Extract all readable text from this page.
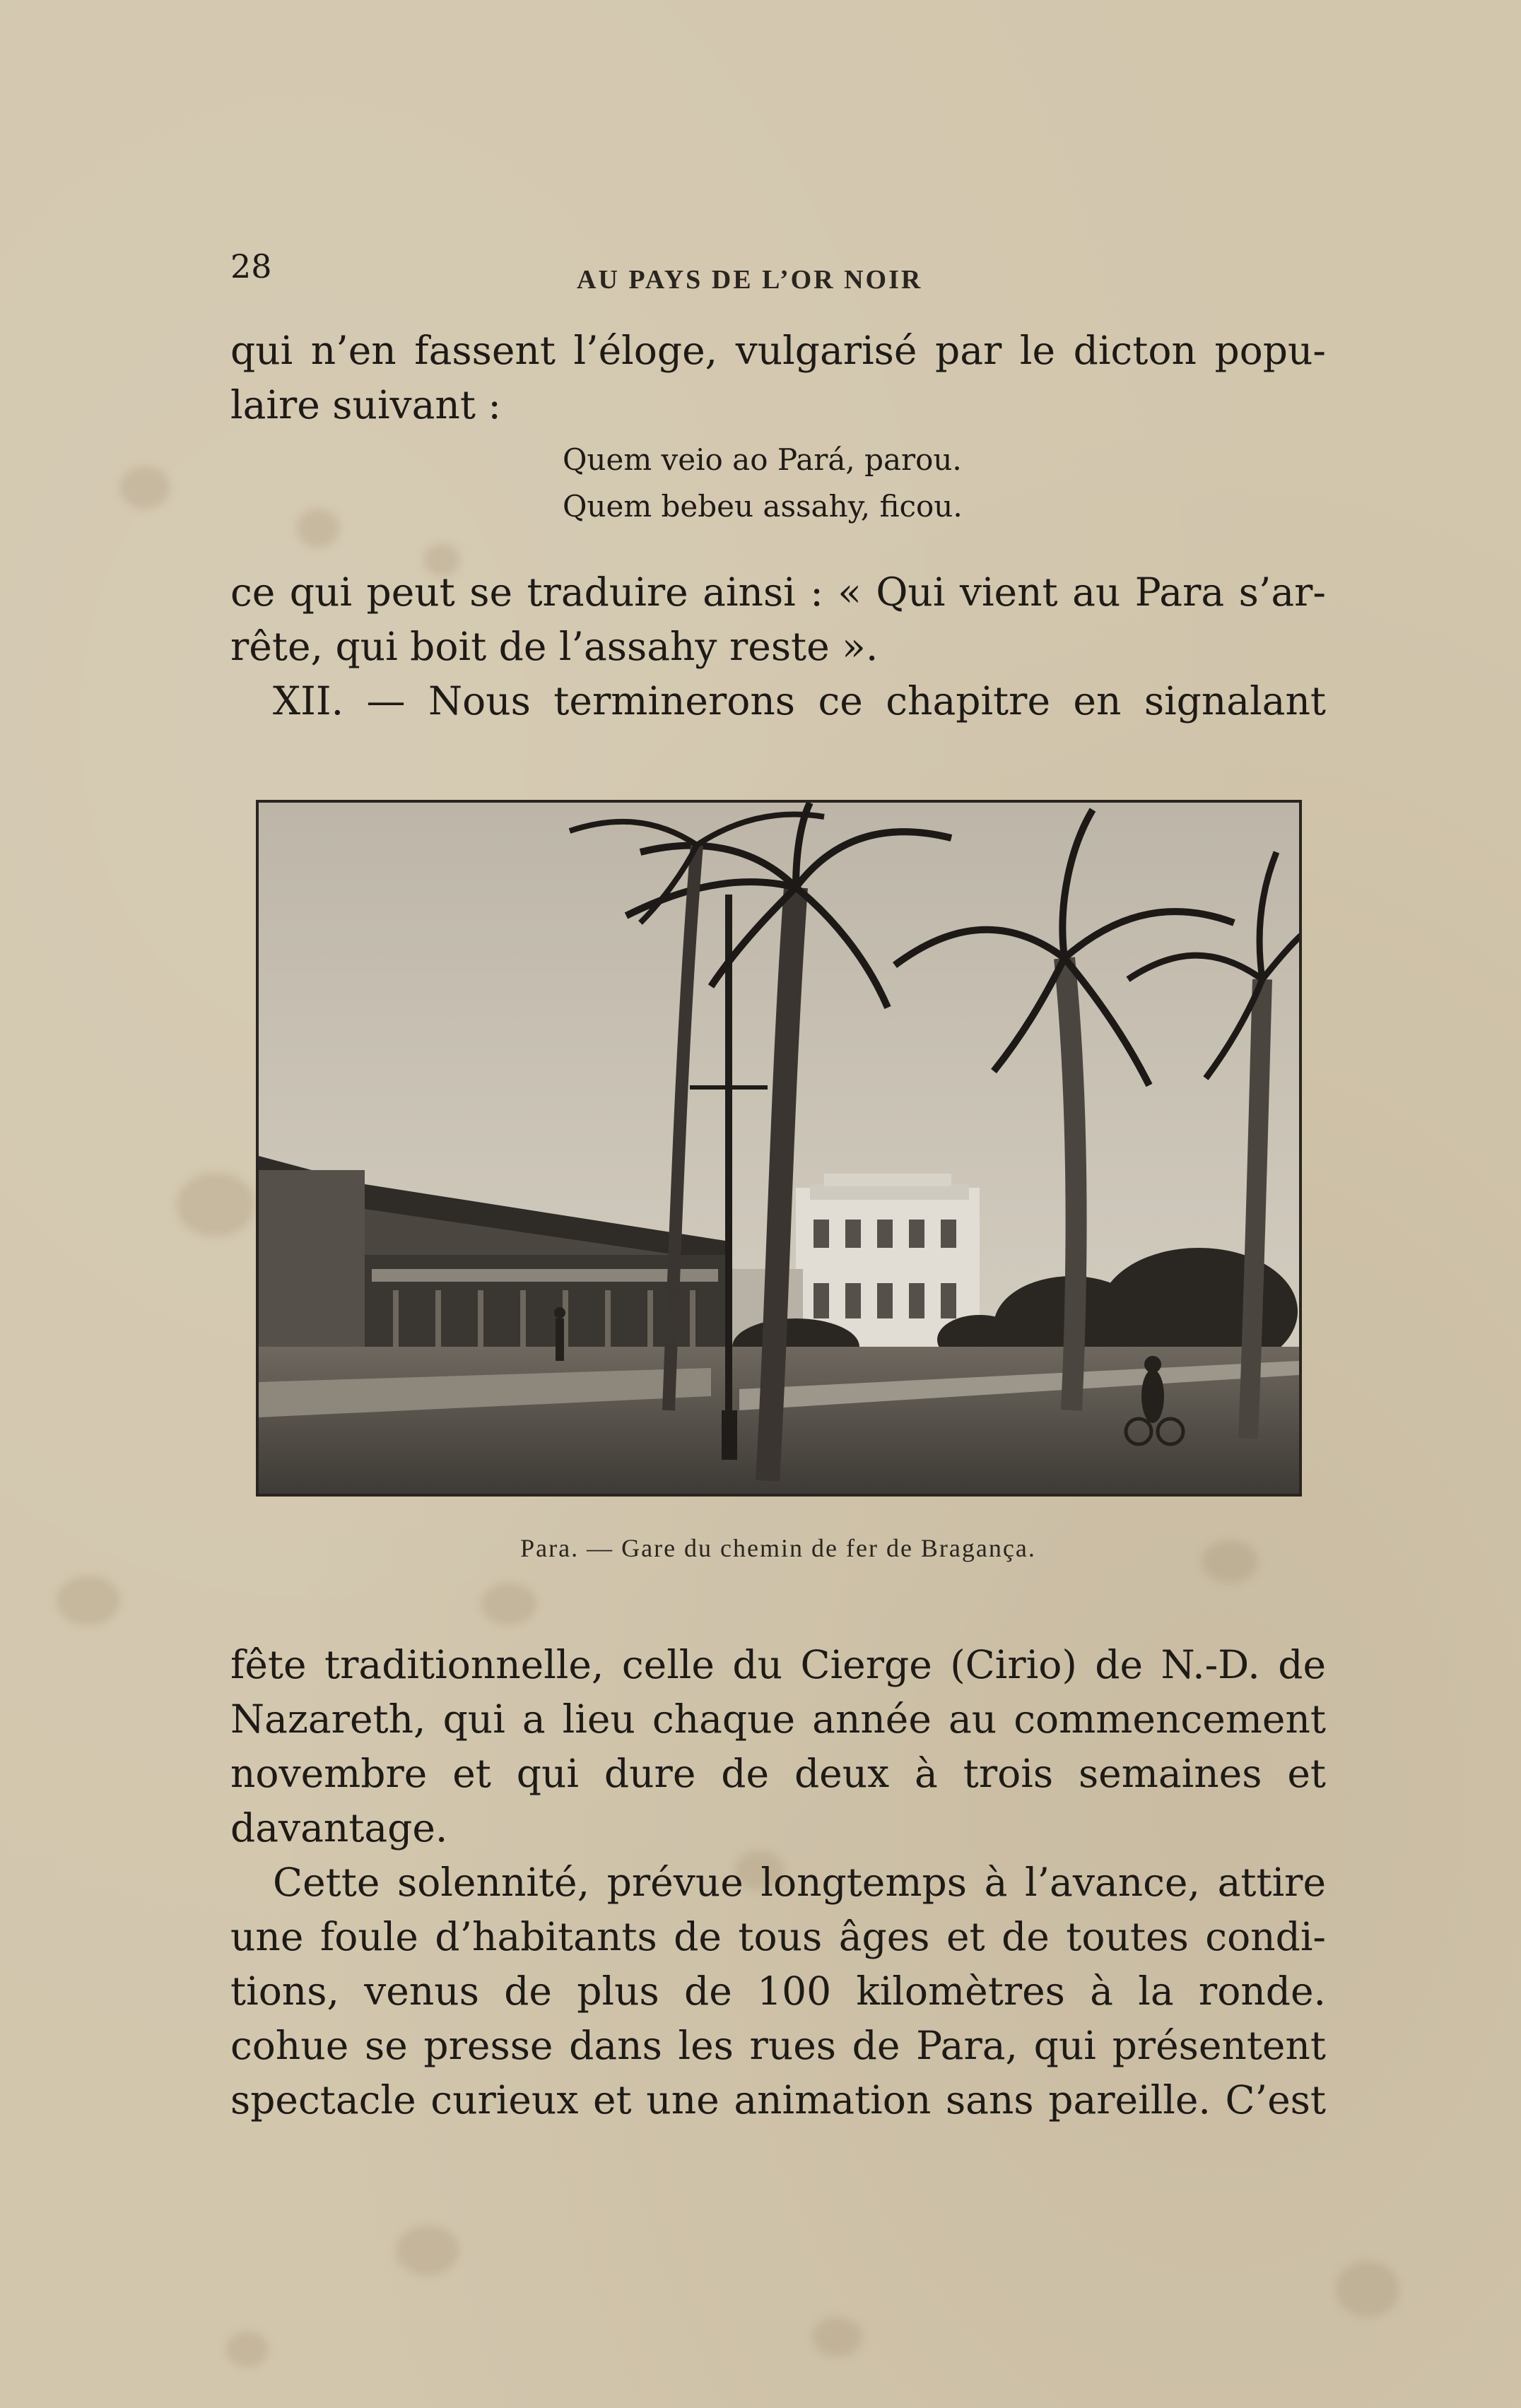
28	AU PAYS DE L’OR NOIR
qui n’en fassent l’éloge, vulgarisé par le dicton popu-
laire suivant :
Quem veio ao Pará, parou.
Quem bebeu assahy, ficou.
ce qui peut se traduire ainsi : « Qui vient au Para s’ar-
rête, qui boit de l’assahy reste ».
XII. — Nous terminerons ce chapitre en signalant
Para. — Gare du chemin de fer de Bragança.
fête traditionnelle, celle du Cierge (Cirio) de N.-D. de
Nazareth, qui a lieu chaque année au commencement
novembre et qui dure de deux à trois semaines et
davantage.
Cette solennité, prévue longtemps à l’avance, attire
une foule d’habitants de tous âges et de toutes condi-
tions, venus de plus de 100 kilomètres à la ronde.
cohue se presse dans les rues de Para, qui présentent
spectacle curieux et une animation sans pareille. C’est
